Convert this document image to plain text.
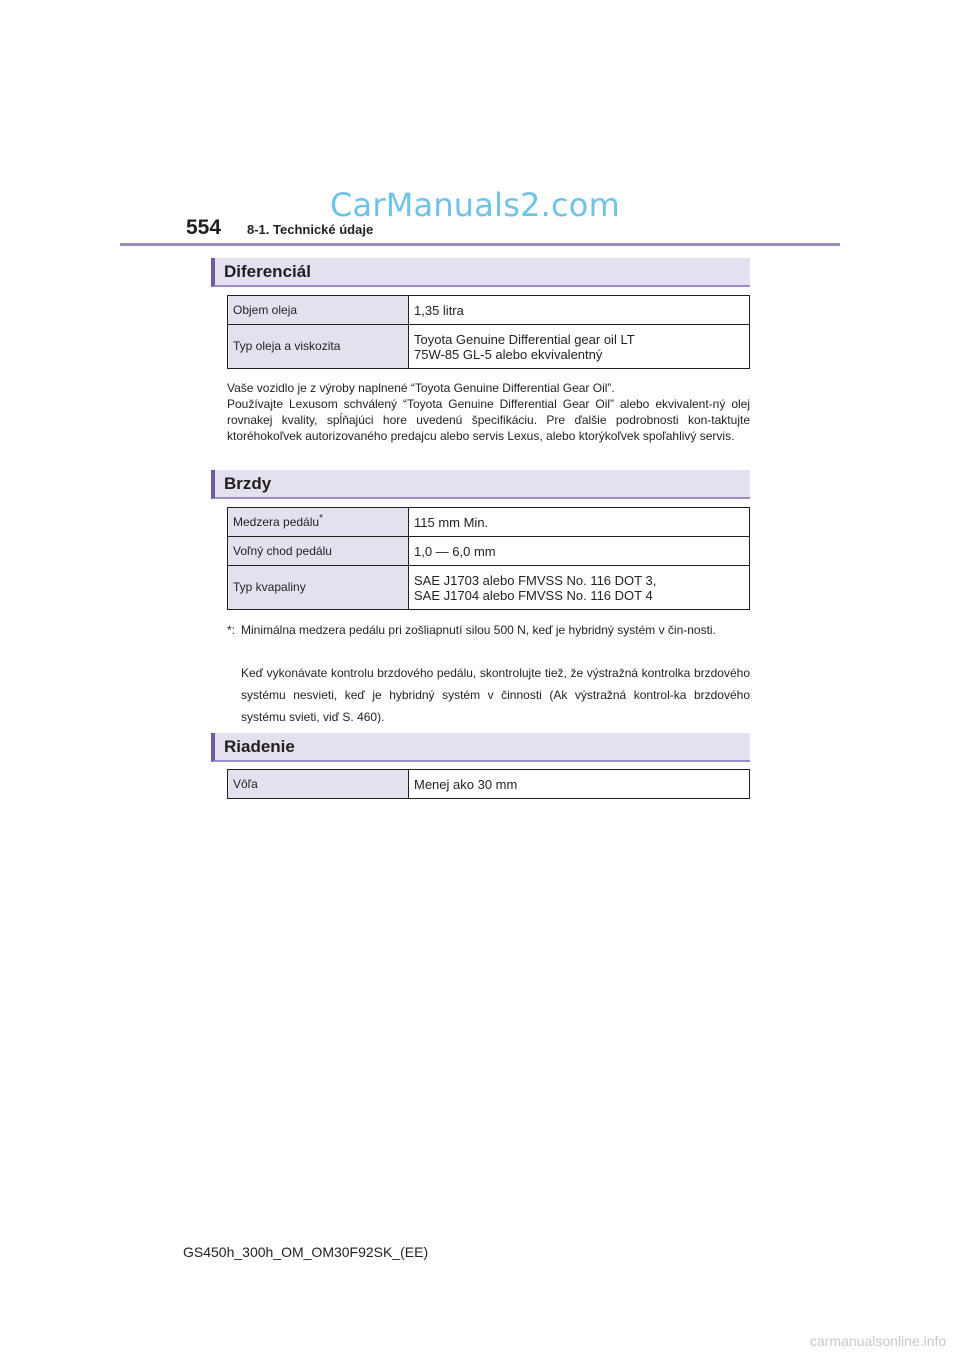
CarManuals2.com
554 8-1. Technické údaje
Diferenciál
Objem oleja	1,35 litra
Typ oleja a viskozita	Toyota Genuine Differential gear oil LT
75W-85 GL-5 alebo ekvivalentný
Vaše vozidlo je z výroby naplnené “Toyota Genuine Differential Gear Oil”.
Používajte Lexusom schválený “Toyota Genuine Differential Gear Oil” alebo ekvivalent-ný olej rovnakej kvality, spĺňajúci hore uvedenú špecifikáciu. Pre ďalšie podrobnosti kon-taktujte ktoréhokoľvek autorizovaného predajcu alebo servis Lexus, alebo ktorýkoľvek spoľahlivý servis.
Brzdy
Medzera pedálu*	115 mm Min.
Voľný chod pedálu	1,0 — 6,0 mm
Typ kvapaliny	SAE J1703 alebo FMVSS No. 116 DOT 3,
SAE J1704 alebo FMVSS No. 116 DOT 4
*: Minimálna medzera pedálu pri zošliapnutí silou 500 N, keď je hybridný systém v čin-nosti.
Keď vykonávate kontrolu brzdového pedálu, skontrolujte tiež, že výstražná kontrolka brzdového systému nesvieti, keď je hybridný systém v činnosti (Ak výstražná kontrol-ka brzdového systému svieti, viď S. 460).
Riadenie
Vôľa	Menej ako 30 mm
GS450h_300h_OM_OM30F92SK_(EE)
carmanualsonline.info
